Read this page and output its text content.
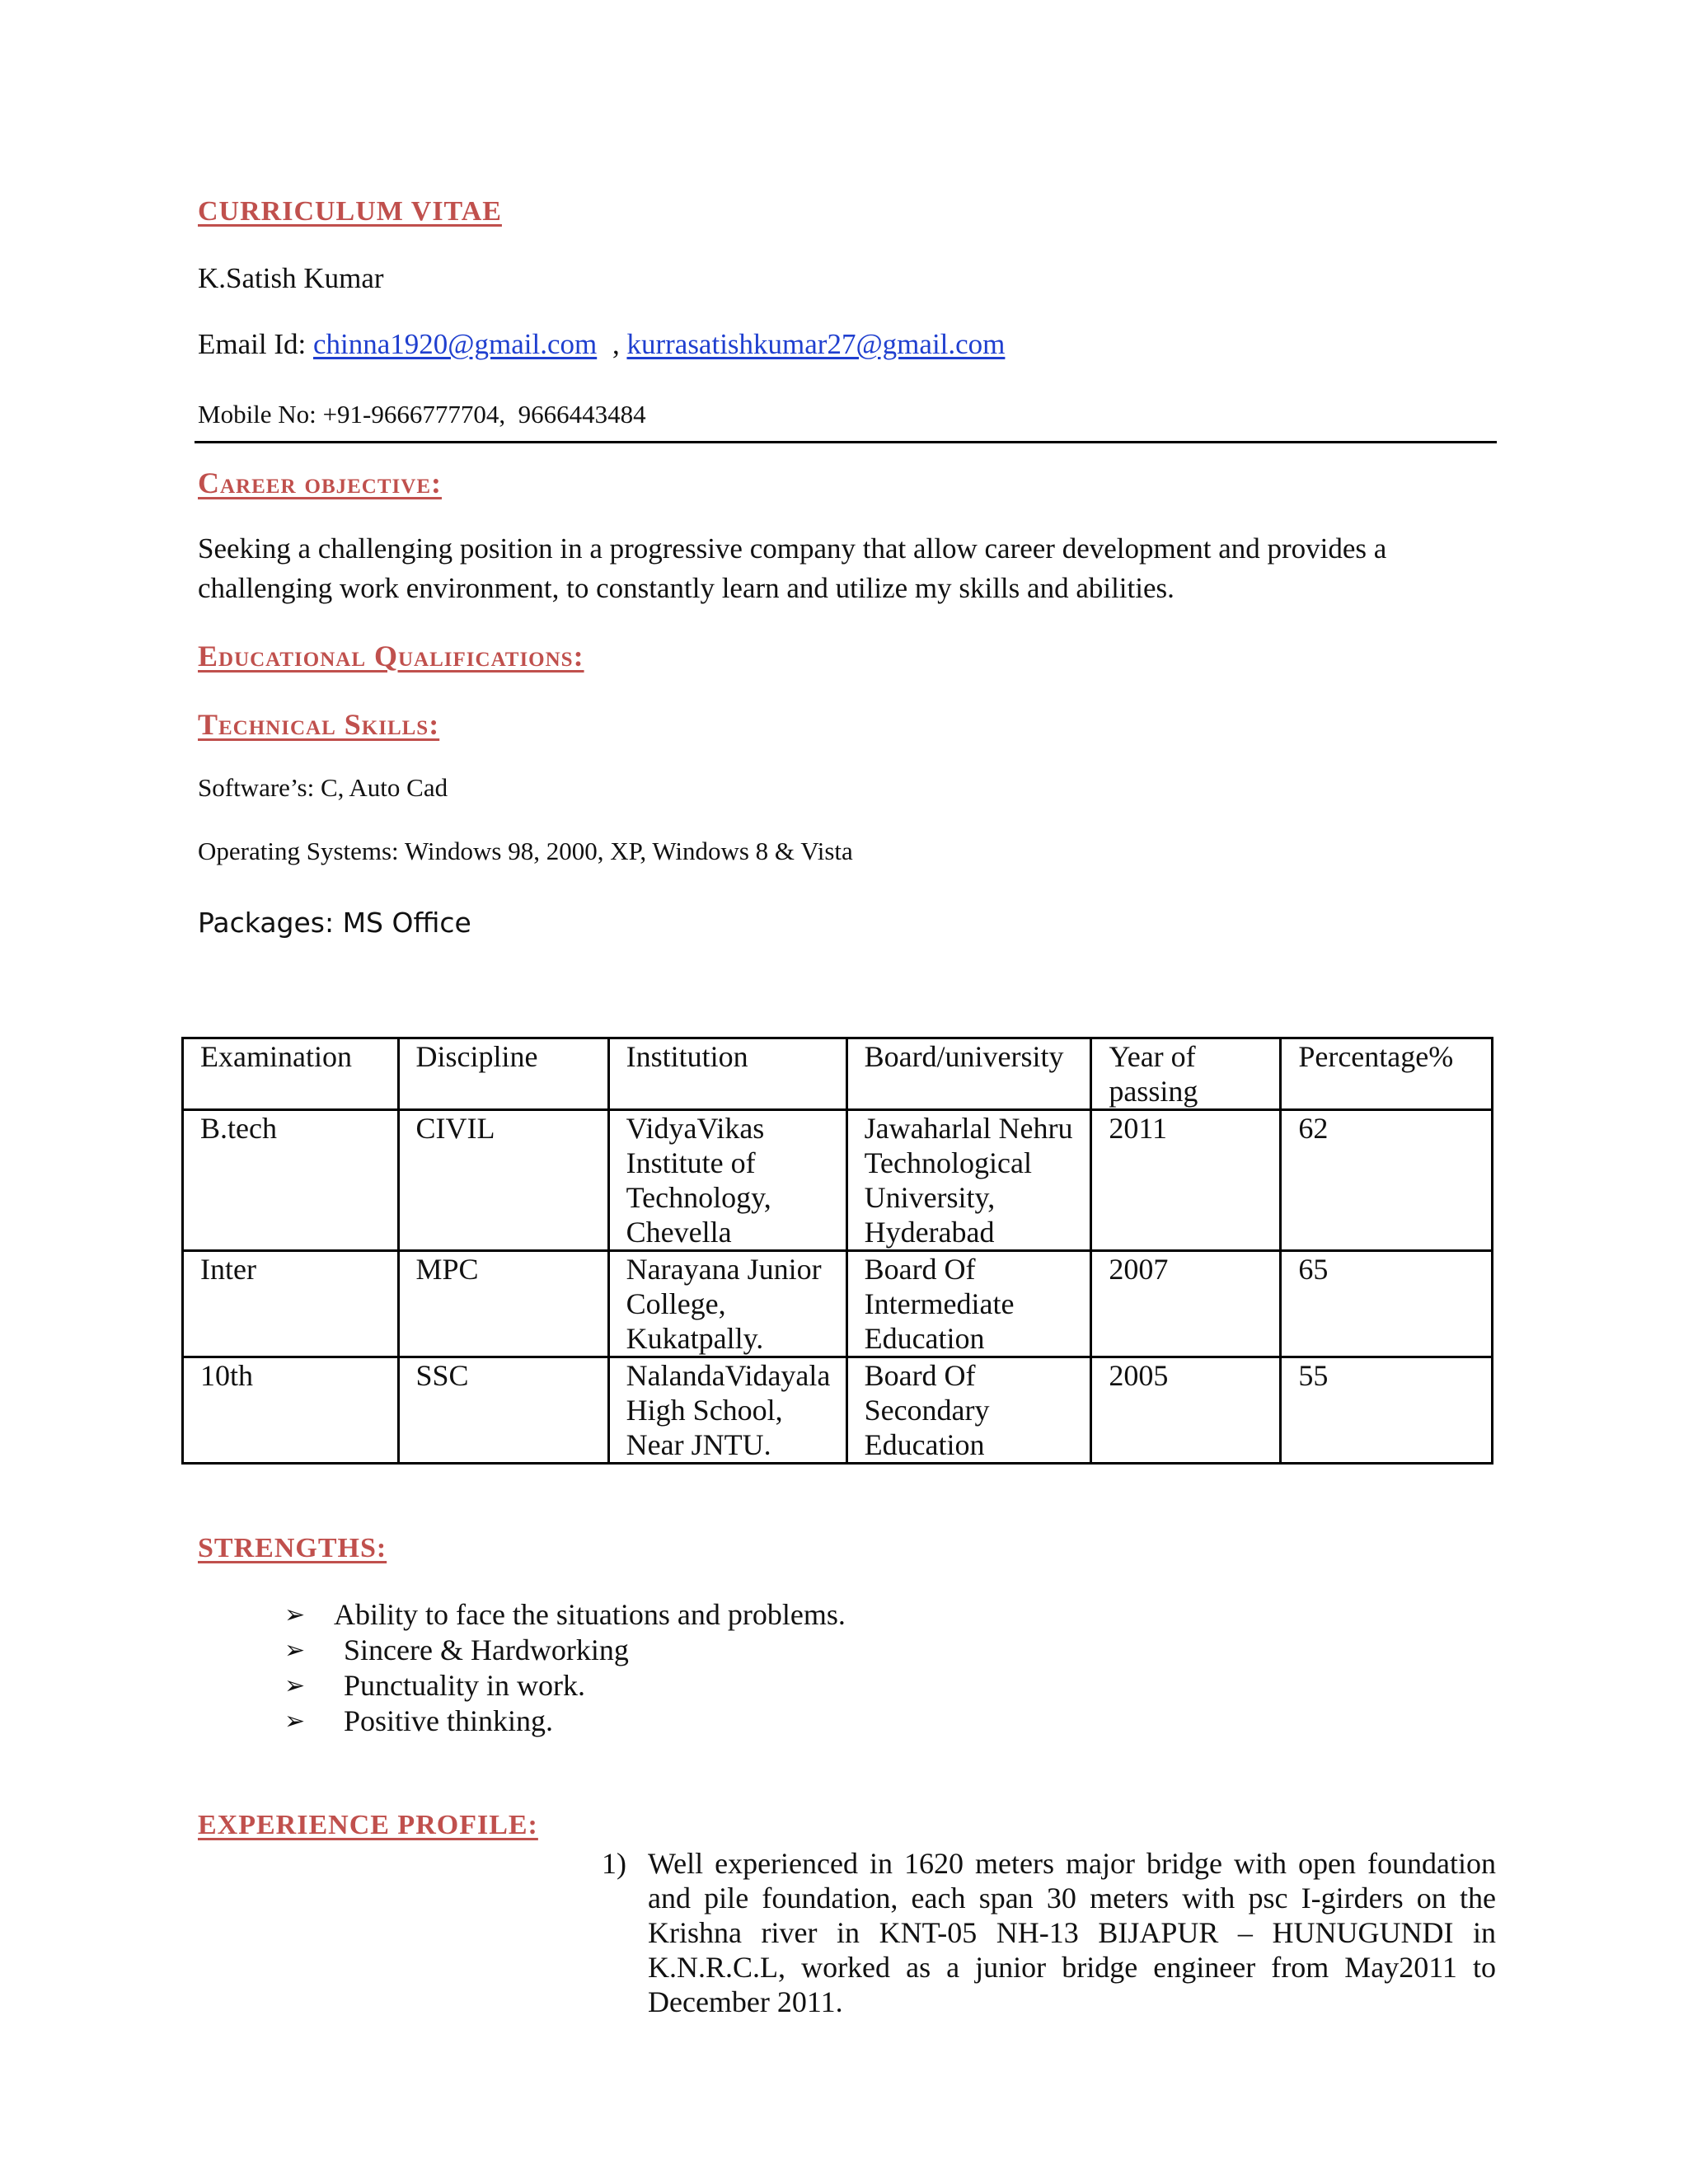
CURRICULUM VITAE
K.Satish Kumar
Email Id: chinna1920@gmail.com , kurrasatishkumar27@gmail.com
Mobile No: +91-9666777704,  9666443484
Career objective:
Seeking a challenging position in a progressive company that allow career development and provides a challenging work environment, to constantly learn and utilize my skills and abilities.
Educational Qualifications:
Technical Skills:
Software’s: C, Auto Cad
Operating Systems: Windows 98, 2000, XP, Windows 8 & Vista
Packages: MS Office
Examination	Discipline	Institution	Board/university	Year of passing	Percentage%
B.tech	CIVIL	VidyaVikas Institute of Technology, Chevella	Jawaharlal Nehru Technological University, Hyderabad	2011	62
Inter	MPC	Narayana Junior College, Kukatpally.	Board Of Intermediate Education	2007	65
10th	SSC	NalandaVidayala High School, Near JNTU.	Board Of Secondary Education	2005	55
STRENGTHS:
➢ Ability to face the situations and problems.
➢ Sincere & Hardworking
➢ Punctuality in work.
➢ Positive thinking.
EXPERIENCE PROFILE:
1) Well experienced in 1620 meters major bridge with open foundation and pile foundation, each span 30 meters with psc I-girders on the Krishna river in KNT-05 NH-13 BIJAPUR – HUNUGUNDI in K.N.R.C.L, worked as a junior bridge engineer from May2011 to December 2011.
